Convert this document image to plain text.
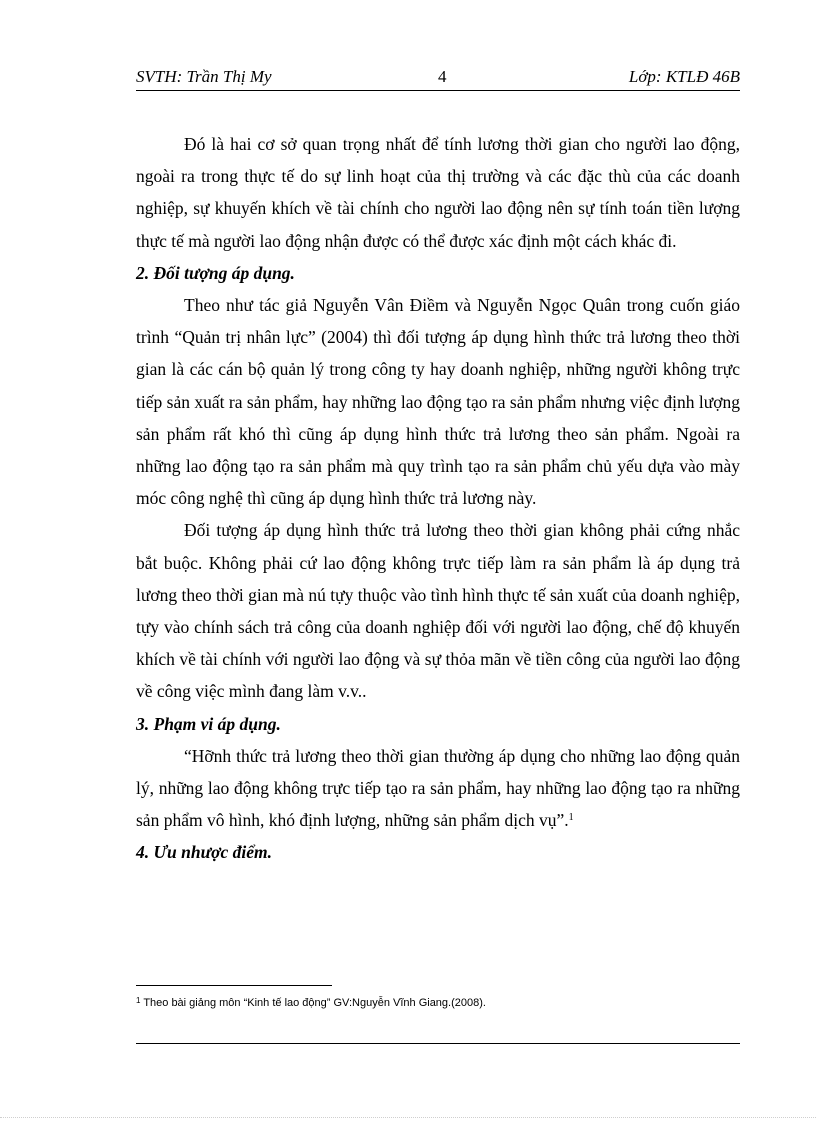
SVTH: Trần Thị My	4	Lớp: KTLĐ 46B

Đó là hai cơ sở quan trọng nhất để tính lương thời gian cho người lao động, ngoài ra trong thực tế do sự linh hoạt của thị trường và các đặc thù của các doanh nghiệp, sự khuyến khích về tài chính cho người lao động nên sự tính toán tiền lượng thực tế mà người lao động nhận được có thể được xác định một cách khác đi.

2. Đối tượng áp dụng.

Theo như tác giả Nguyễn Vân Điềm và Nguyễn Ngọc Quân trong cuốn giáo trình “Quản trị nhân lực” (2004) thì đối tượng áp dụng hình thức trả lương theo thời gian là các cán bộ quản lý trong công ty hay doanh nghiệp, những người không trực tiếp sản xuất ra sản phẩm, hay những lao động tạo ra sản phẩm nhưng việc định lượng sản phẩm rất khó thì cũng áp dụng hình thức trả lương theo sản phẩm. Ngoài ra những lao động tạo ra sản phẩm mà quy trình tạo ra sản phẩm chủ yếu dựa vào mày móc công nghệ thì cũng áp dụng hình thức trả lương này.

Đối tượng áp dụng hình thức trả lương theo thời gian không phải cứng nhắc bắt buộc. Không phải cứ lao động không trực tiếp làm ra sản phẩm là áp dụng trả lương theo thời gian mà nú tựy thuộc vào tình hình thực tế sản xuất của doanh nghiệp, tựy vào chính sách trả công của doanh nghiệp đối với người lao động, chế độ khuyến khích về tài chính với người lao động và sự thỏa mãn về tiền công của người lao động về công việc mình đang làm v.v..

3. Phạm vi áp dụng.

“Hỡnh thức trả lương theo thời gian thường áp dụng cho những lao động quản lý, những lao động không trực tiếp tạo ra sản phẩm, hay những lao động tạo ra những sản phẩm vô hình, khó định lượng, những sản phẩm dịch vụ”.$^1$

4. Ưu nhược điểm.
$^1$ Theo bài giảng môn “Kinh tế lao động” GV:Nguyễn Vĩnh Giang.(2008).
